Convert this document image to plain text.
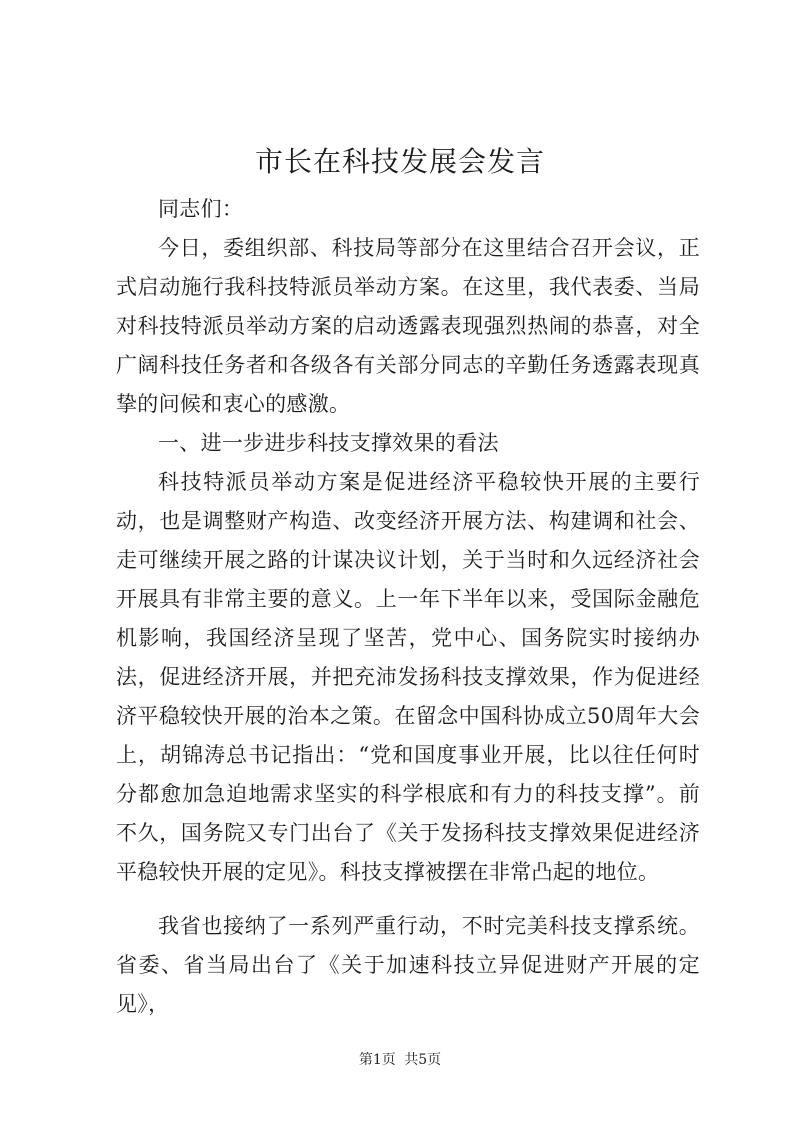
市长在科技发展会发言

同志们：

今日，委组织部、科技局等部分在这里结合召开会议，正式启动施行我科技特派员举动方案。在这里，我代表委、当局对科技特派员举动方案的启动透露表现强烈热闹的恭喜，对全广阔科技任务者和各级各有关部分同志的辛勤任务透露表现真挚的问候和衷心的感激。

一、进一步进步科技支撑效果的看法

科技特派员举动方案是促进经济平稳较快开展的主要行动，也是调整财产构造、改变经济开展方法、构建调和社会、走可继续开展之路的计谋决议计划，关于当时和久远经济社会开展具有非常主要的意义。上一年下半年以来，受国际金融危机影响，我国经济呈现了坚苦，党中心、国务院实时接纳办法，促进经济开展，并把充沛发扬科技支撑效果，作为促进经济平稳较快开展的治本之策。在留念中国科协成立50周年大会上，胡锦涛总书记指出：“党和国度事业开展，比以往任何时分都愈加急迫地需求坚实的科学根底和有力的科技支撑”。前不久，国务院又专门出台了《关于发扬科技支撑效果促进经济平稳较快开展的定见》。科技支撑被摆在非常凸起的地位。

我省也接纳了一系列严重行动，不时完美科技支撑系统。省委、省当局出台了《关于加速科技立异促进财产开展的定见》，

第1页 共5页
